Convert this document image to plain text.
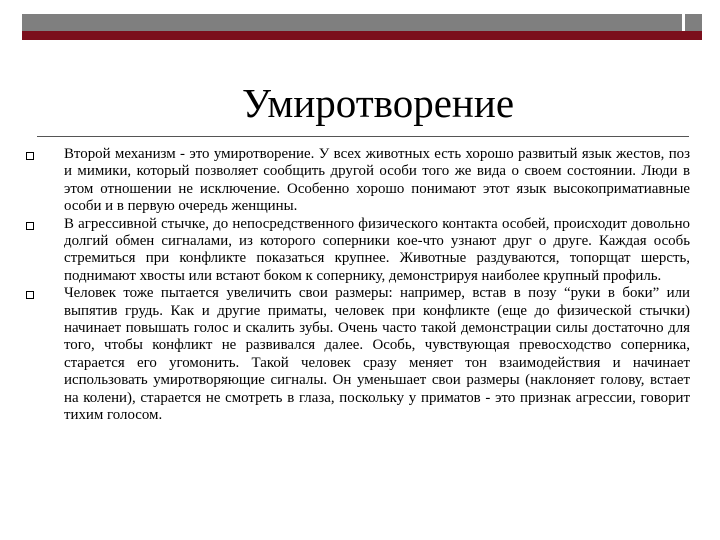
Умиротворение
Второй механизм - это умиротворение. У всех животных есть хорошо развитый язык жестов, поз и мимики, который позволяет сообщить другой особи того же вида о своем состоянии. Люди в этом отношении не исключение. Особенно хорошо понимают этот язык высокоприматиавные особи и в первую очередь женщины.
В агрессивной стычке, до непосредственного физического контакта особей, происходит довольно долгий обмен сигналами, из которого соперники кое-что узнают друг о друге. Каждая особь стремиться при конфликте показаться крупнее. Животные раздуваются, топорщат шерсть, поднимают хвосты или встают боком к сопернику, демонстрируя наиболее крупный профиль.
Человек тоже пытается увеличить свои размеры: например, встав в позу “руки в боки” или выпятив грудь. Как и другие приматы, человек при конфликте (еще до физической стычки) начинает повышать голос и скалить зубы. Очень часто такой демонстрации силы достаточно для того, чтобы конфликт не развивался далее. Особь, чувствующая превосходство соперника, старается его угомонить. Такой человек сразу меняет тон взаимодействия и начинает использовать умиротворяющие сигналы. Он уменьшает свои размеры (наклоняет голову, встает на колени), старается не смотреть в глаза, поскольку у приматов - это признак агрессии, говорит тихим голосом.
